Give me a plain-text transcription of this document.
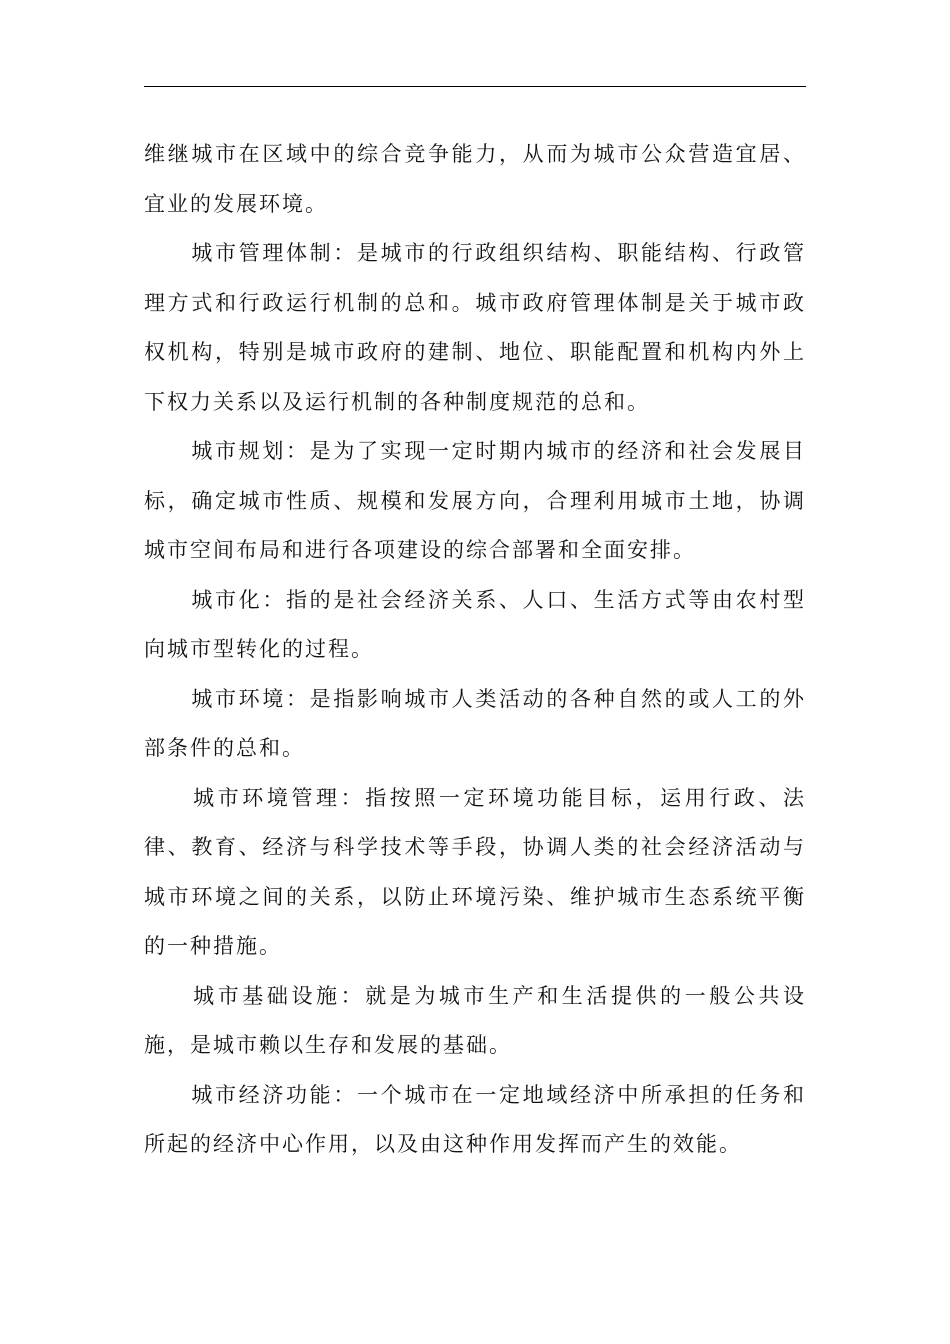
维继城市在区域中的综合竞争能力，从而为城市公众营造宜居、宜业的发展环境。

　　城市管理体制：是城市的行政组织结构、职能结构、行政管理方式和行政运行机制的总和。城市政府管理体制是关于城市政权机构，特别是城市政府的建制、地位、职能配置和机构内外上下权力关系以及运行机制的各种制度规范的总和。

　　城市规划：是为了实现一定时期内城市的经济和社会发展目标，确定城市性质、规模和发展方向，合理利用城市土地，协调城市空间布局和进行各项建设的综合部署和全面安排。

　　城市化：指的是社会经济关系、人口、生活方式等由农村型向城市型转化的过程。

　　城市环境：是指影响城市人类活动的各种自然的或人工的外部条件的总和。

　　城市环境管理：指按照一定环境功能目标，运用行政、法律、教育、经济与科学技术等手段，协调人类的社会经济活动与城市环境之间的关系，以防止环境污染、维护城市生态系统平衡的一种措施。

　　城市基础设施：就是为城市生产和生活提供的一般公共设施，是城市赖以生存和发展的基础。

　　城市经济功能：一个城市在一定地域经济中所承担的任务和所起的经济中心作用，以及由这种作用发挥而产生的效能。
